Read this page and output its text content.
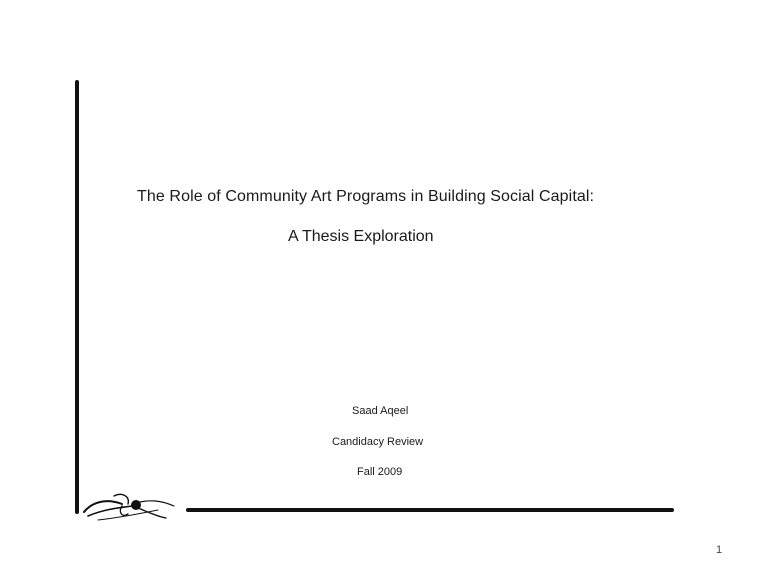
The Role of Community Art Programs in Building Social Capital:
A Thesis Exploration
Saad Aqeel
Candidacy Review
Fall 2009
1
